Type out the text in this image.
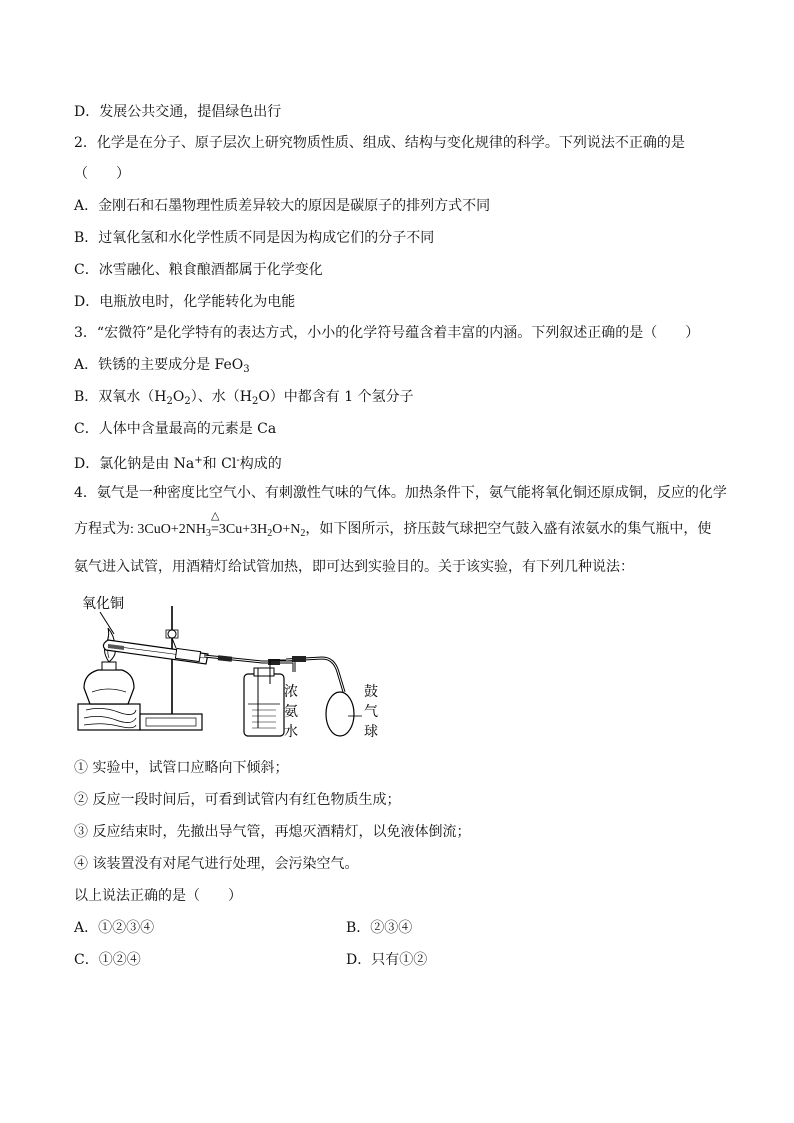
D．发展公共交通，提倡绿色出行
2．化学是在分子、原子层次上研究物质性质、组成、结构与变化规律的科学。下列说法不正确的是
（　　）
A．金刚石和石墨物理性质差异较大的原因是碳原子的排列方式不同
B．过氧化氢和水化学性质不同是因为构成它们的分子不同
C．冰雪融化、粮食酿酒都属于化学变化
D．电瓶放电时，化学能转化为电能
3．“宏微符”是化学特有的表达方式，小小的化学符号蕴含着丰富的内涵。下列叙述正确的是（　　）
A．铁锈的主要成分是 FeO$_3$
B．双氧水$(H_2O_2)$、水$(H_2O)$中都含有 1 个氢分子
C．人体中含量最高的元素是 Ca
D．氯化钠是由 Na+和 Cl-构成的
4．氨气是一种密度比空气小、有刺激性气味的气体。加热条件下，氨气能将氧化铜还原成铜，反应的化学
方程式为: $3CuO+2NH_3$
△
$=3Cu+3H_2O+N_2$，如下图所示，挤压鼓气球把空气鼓入盛有浓氨水的集气瓶中，使
氨气进入试管，用酒精灯给试管加热，即可达到实验目的。关于该实验，有下列几种说法：
氧化铜
浓
氨
水
鼓
气
球
① 实验中，试管口应略向下倾斜；
② 反应一段时间后，可看到试管内有红色物质生成；
③ 反应结束时，先撤出导气管，再熄灭酒精灯，以免液体倒流；
④ 该装置没有对尾气进行处理，会污染空气。
以上说法正确的是（　　）
A．①②③④	B．②③④
C．①②④	D．只有①②
